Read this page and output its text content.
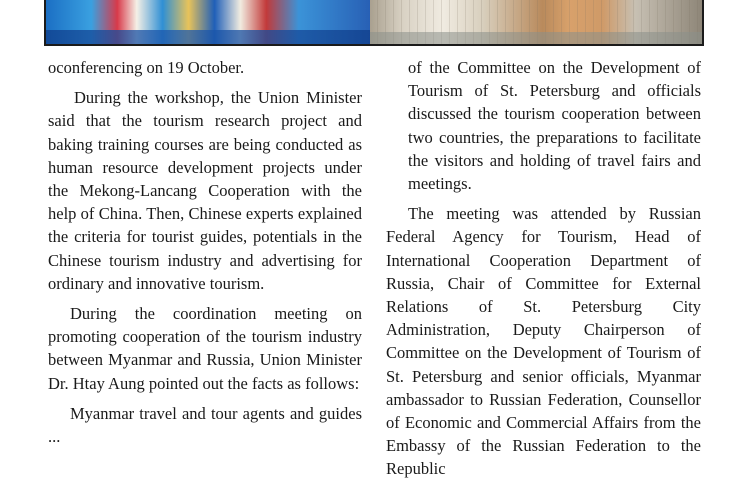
oconferencing on 19 October.

During the workshop, the Union Minister said that the tourism research project and baking training courses are being conducted as human resource development projects under the Mekong-Lancang Cooperation with the help of China. Then, Chinese experts explained the criteria for tourist guides, potentials in the Chinese tourism industry and advertising for ordinary and innovative tourism.

During the coordination meeting on promoting cooperation of the tourism industry between Myanmar and Russia, Union Minister Dr. Htay Aung pointed out the facts as follows:

Myanmar travel and tour agents and guides ...

of the Committee on the Development of Tourism of St. Petersburg and officials discussed the tourism cooperation between two countries, the preparations to facilitate the visitors and holding of travel fairs and meetings.

The meeting was attended by Russian Federal Agency for Tourism, Head of International Cooperation Department of Russia, Chair of Committee for External Relations of St. Petersburg City Administration, Deputy Chairperson of Committee on the Development of Tourism of St. Petersburg and senior officials, Myanmar ambassador to Russian Federation, Counsellor of Economic and Commercial Affairs from the Embassy of the Russian Federation to the Republic
